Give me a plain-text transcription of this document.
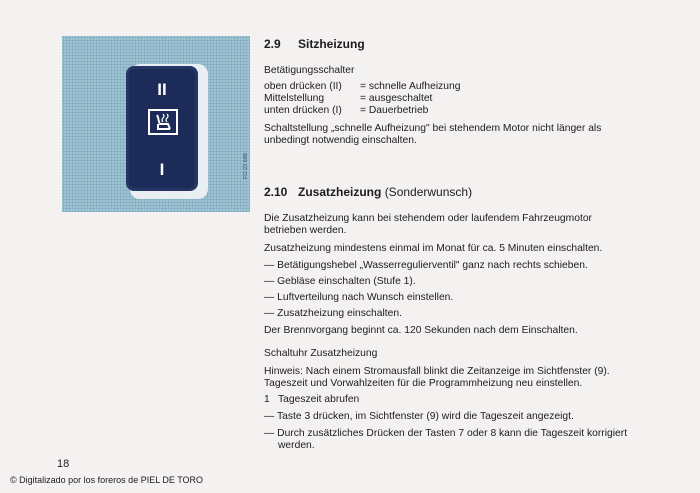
II
I	FO 22 688
2.9 Sitzheizung
Betätigungsschalter
oben drücken (II) = schnelle Aufheizung
Mittelstellung	= ausgeschaltet
unten drücken (I) = Dauerbetrieb
Schaltstellung „schnelle Aufheizung" bei stehendem Motor nicht länger als
unbedingt notwendig einschalten.
2.10 Zusatzheizung (Sonderwunsch)
Die Zusatzheizung kann bei stehendem oder laufendem Fahrzeugmotor
betrieben werden.
Zusatzheizung mindestens einmal im Monat für ca. 5 Minuten einschalten.
— Betätigungshebel „Wasserregulierventil" ganz nach rechts schieben.
— Gebläse einschalten (Stufe 1).
— Luftverteilung nach Wunsch einstellen.
— Zusatzheizung einschalten.
Der Brennvorgang beginnt ca. 120 Sekunden nach dem Einschalten.
Schaltuhr Zusatzheizung
Hinweis: Nach einem Stromausfall blinkt die Zeitanzeige im Sichtfenster (9).
Tageszeit und Vorwahlzeiten für die Programmheizung neu einstellen.
1 Tageszeit abrufen
— Taste 3 drücken, im Sichtfenster (9) wird die Tageszeit angezeigt.
— Durch zusätzliches Drücken der Tasten 7 oder 8 kann die Tageszeit korrigiert
werden.
18
© Digitalizado por los foreros de PIEL DE TORO
